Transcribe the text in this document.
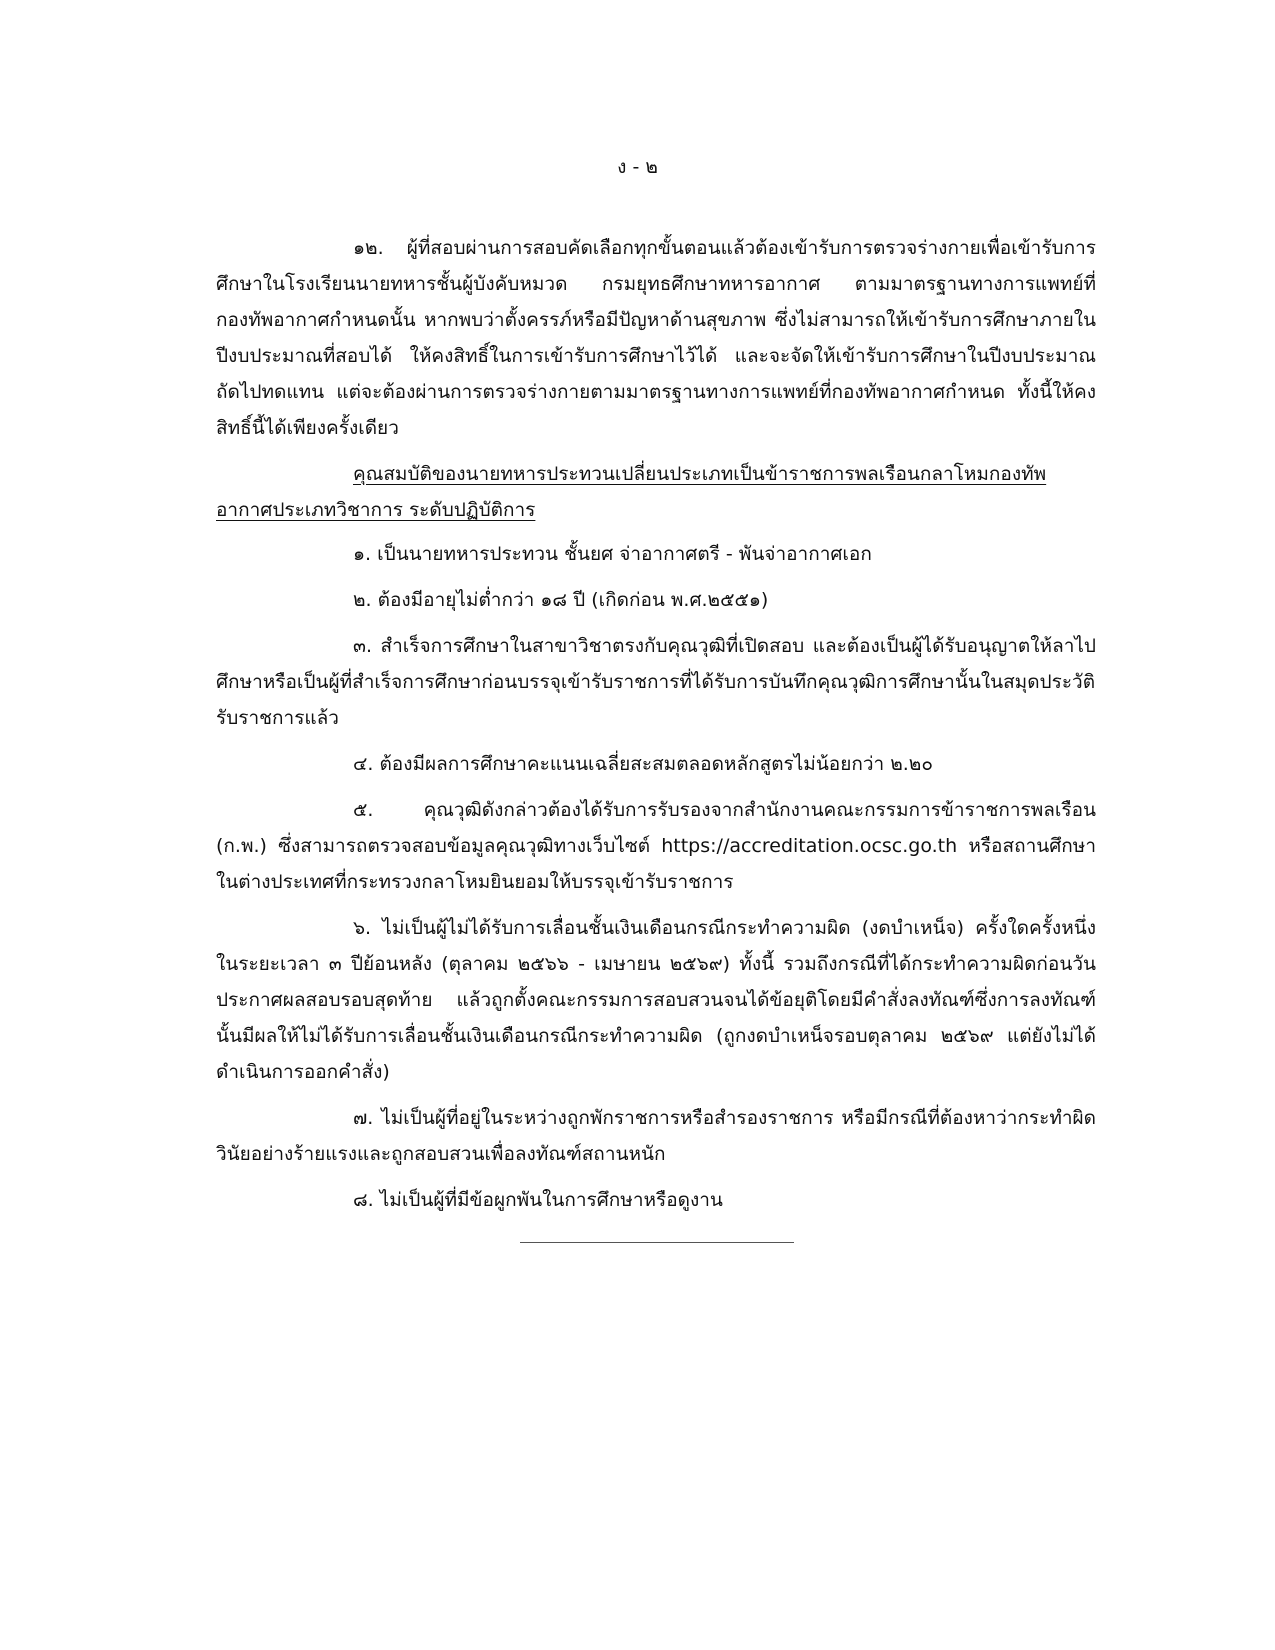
ง - ๒

๑๒. ผู้ที่สอบผ่านการสอบคัดเลือกทุกขั้นตอนแล้วต้องเข้ารับการตรวจร่างกายเพื่อเข้ารับการศึกษาในโรงเรียนนายทหารชั้นผู้บังคับหมวด กรมยุทธศึกษาทหารอากาศ ตามมาตรฐานทางการแพทย์ที่กองทัพอากาศกำหนดนั้น หากพบว่าตั้งครรภ์หรือมีปัญหาด้านสุขภาพ ซึ่งไม่สามารถให้เข้ารับการศึกษาภายในปีงบประมาณที่สอบได้ ให้คงสิทธิ์ในการเข้ารับการศึกษาไว้ได้ และจะจัดให้เข้ารับการศึกษาในปีงบประมาณถัดไปทดแทน แต่จะต้องผ่านการตรวจร่างกายตามมาตรฐานทางการแพทย์ที่กองทัพอากาศกำหนด ทั้งนี้ให้คงสิทธิ์นี้ได้เพียงครั้งเดียว

คุณสมบัติของนายทหารประทวนเปลี่ยนประเภทเป็นข้าราชการพลเรือนกลาโหมกองทัพอากาศประเภทวิชาการ ระดับปฏิบัติการ

๑. เป็นนายทหารประทวน ชั้นยศ จ่าอากาศตรี - พันจ่าอากาศเอก

๒. ต้องมีอายุไม่ต่ำกว่า ๑๘ ปี (เกิดก่อน พ.ศ.๒๕๕๑)

๓. สำเร็จการศึกษาในสาขาวิชาตรงกับคุณวุฒิที่เปิดสอบ และต้องเป็นผู้ได้รับอนุญาตให้ลาไปศึกษาหรือเป็นผู้ที่สำเร็จการศึกษาก่อนบรรจุเข้ารับราชการที่ได้รับการบันทึกคุณวุฒิการศึกษานั้นในสมุดประวัติรับราชการแล้ว

๔. ต้องมีผลการศึกษาคะแนนเฉลี่ยสะสมตลอดหลักสูตรไม่น้อยกว่า ๒.๒๐

๕. คุณวุฒิดังกล่าวต้องได้รับการรับรองจากสำนักงานคณะกรรมการข้าราชการพลเรือน (ก.พ.) ซึ่งสามารถตรวจสอบข้อมูลคุณวุฒิทางเว็บไซต์ https://accreditation.ocsc.go.th หรือสถานศึกษาในต่างประเทศที่กระทรวงกลาโหมยินยอมให้บรรจุเข้ารับราชการ

๖. ไม่เป็นผู้ไม่ได้รับการเลื่อนชั้นเงินเดือนกรณีกระทำความผิด (งดบำเหน็จ) ครั้งใดครั้งหนึ่งในระยะเวลา ๓ ปีย้อนหลัง (ตุลาคม ๒๕๖๖ - เมษายน ๒๕๖๙) ทั้งนี้ รวมถึงกรณีที่ได้กระทำความผิดก่อนวันประกาศผลสอบรอบสุดท้าย แล้วถูกตั้งคณะกรรมการสอบสวนจนได้ข้อยุติโดยมีคำสั่งลงทัณฑ์ซึ่งการลงทัณฑ์นั้นมีผลให้ไม่ได้รับการเลื่อนชั้นเงินเดือนกรณีกระทำความผิด (ถูกงดบำเหน็จรอบตุลาคม ๒๕๖๙ แต่ยังไม่ได้ดำเนินการออกคำสั่ง)

๗. ไม่เป็นผู้ที่อยู่ในระหว่างถูกพักราชการหรือสำรองราชการ หรือมีกรณีที่ต้องหาว่ากระทำผิดวินัยอย่างร้ายแรงและถูกสอบสวนเพื่อลงทัณฑ์สถานหนัก

๘. ไม่เป็นผู้ที่มีข้อผูกพันในการศึกษาหรือดูงาน
